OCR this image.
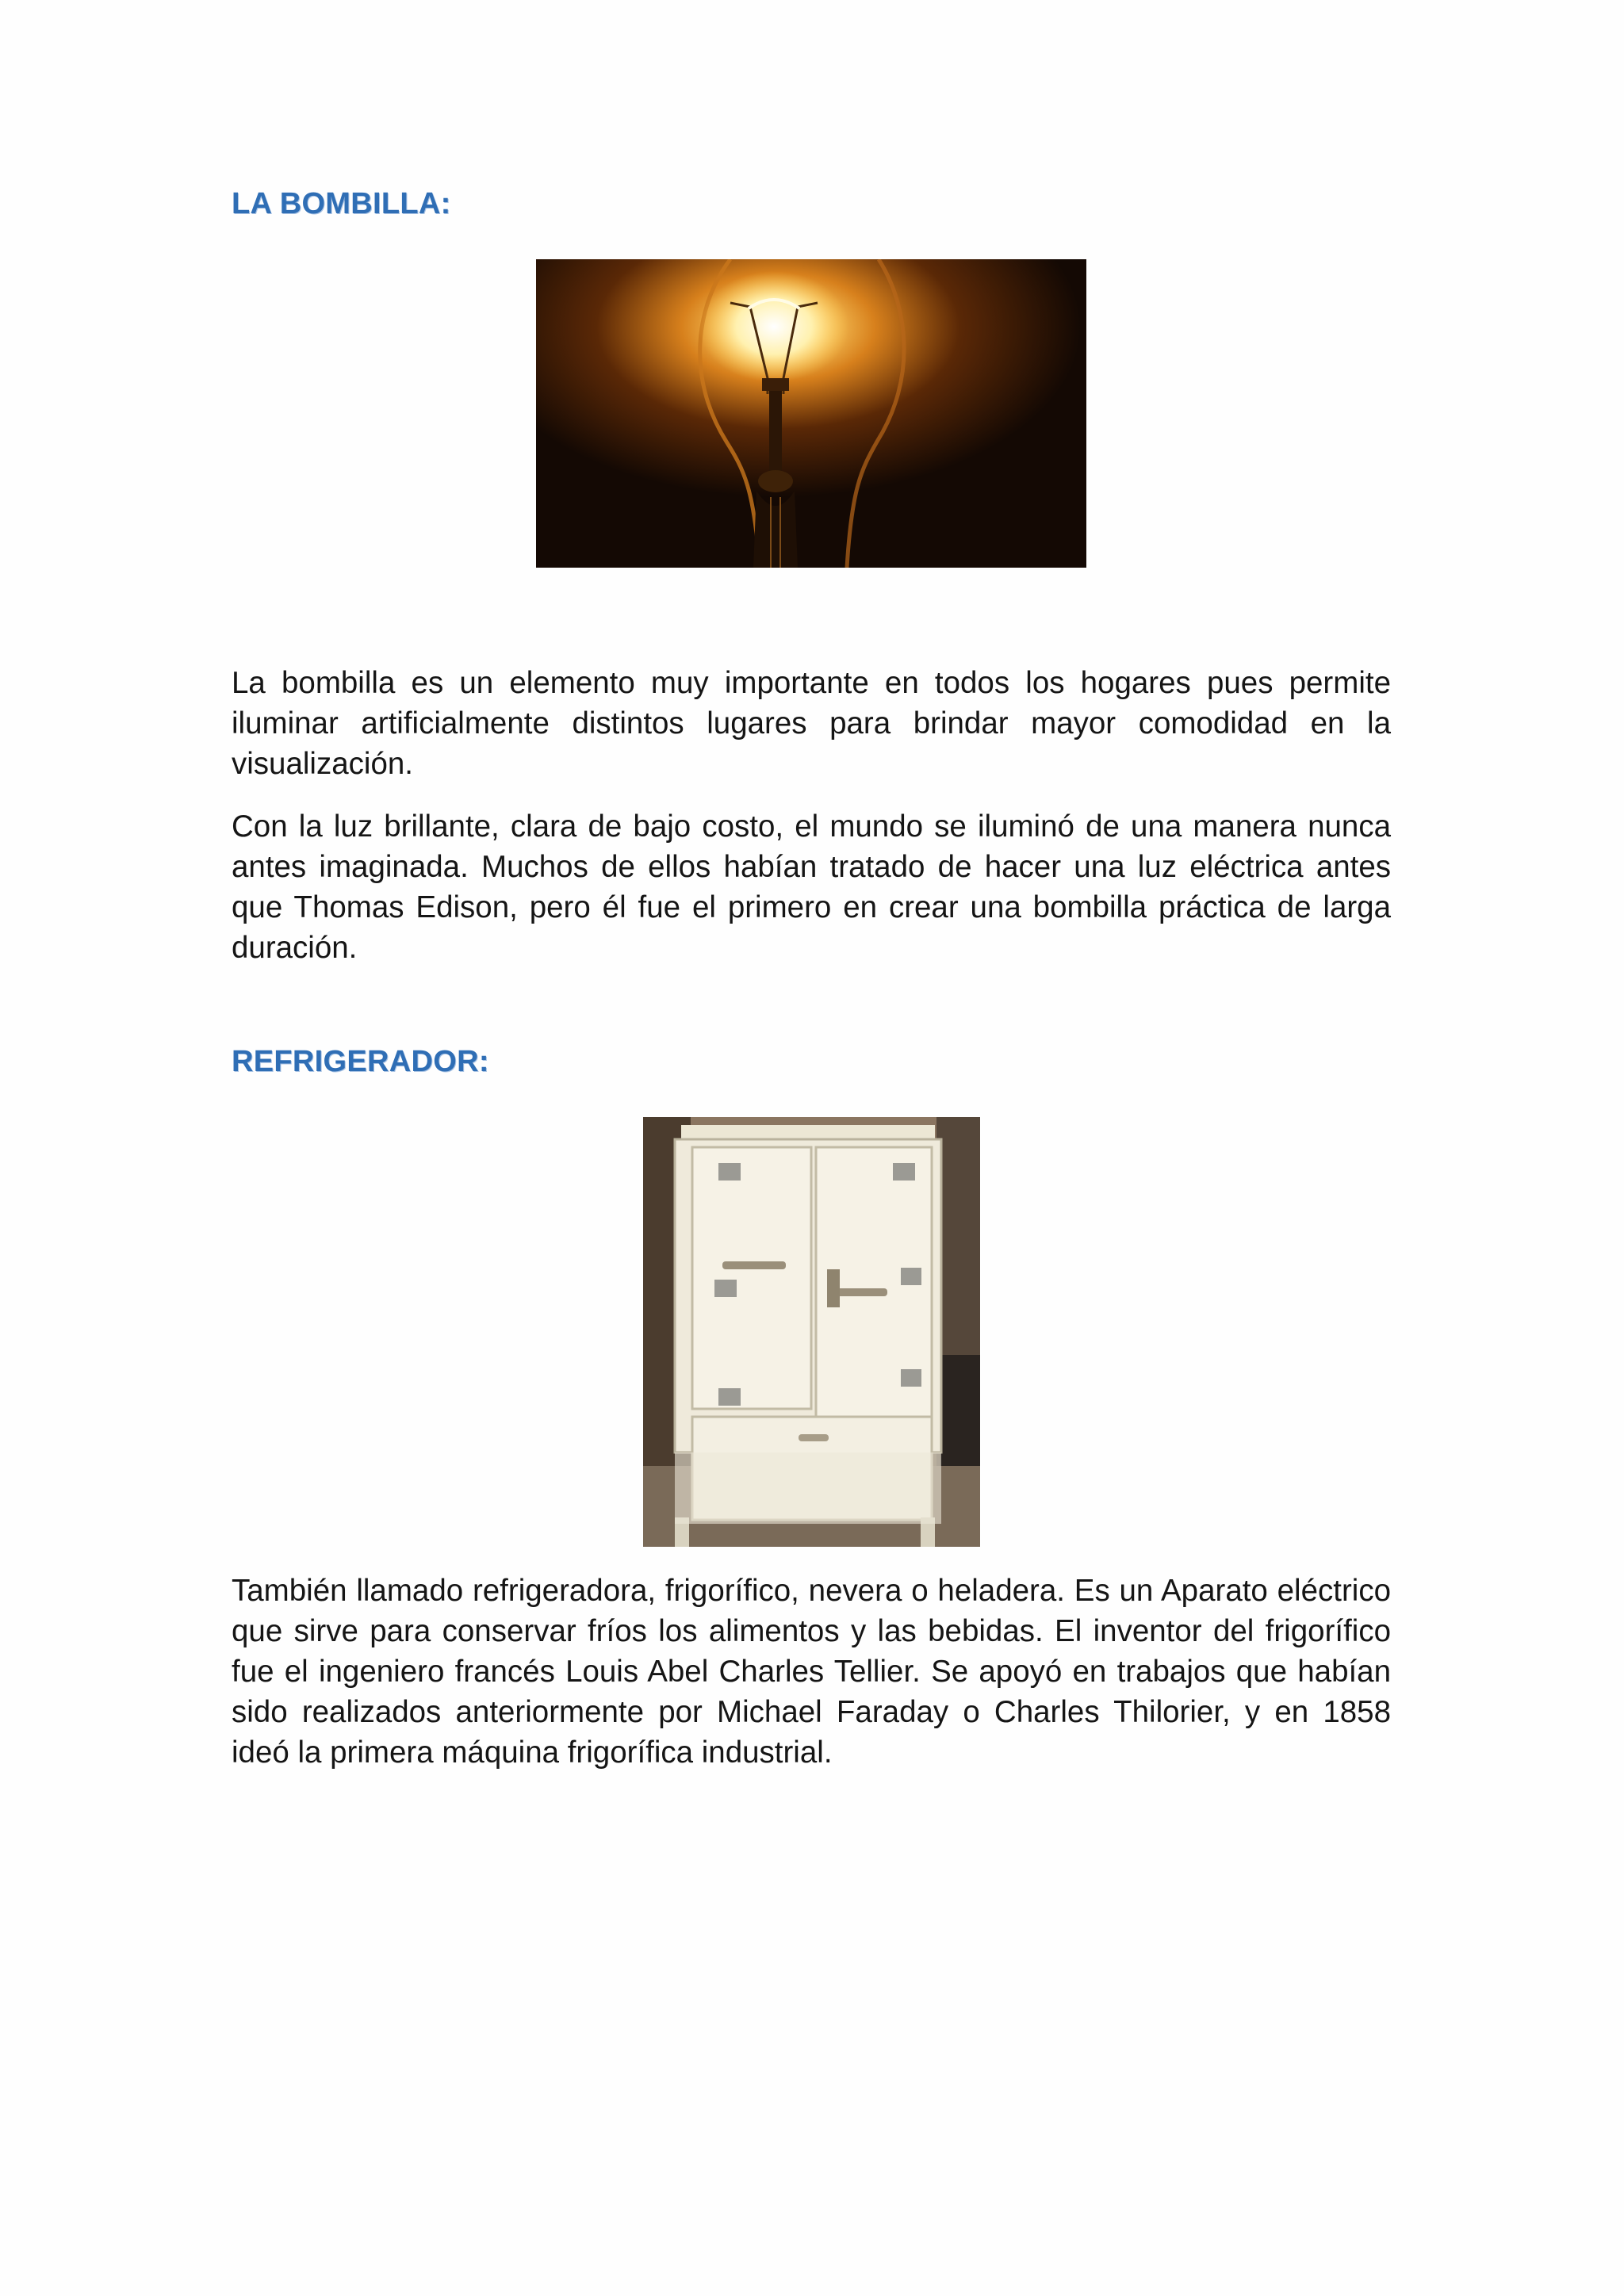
LA BOMBILLA:

La bombilla es un elemento muy importante en todos los hogares pues permite iluminar artificialmente distintos lugares para brindar mayor comodidad en la visualización.

Con la luz brillante, clara de bajo costo, el mundo se iluminó de una manera nunca antes imaginada. Muchos de ellos habían tratado de hacer una luz eléctrica antes que Thomas Edison, pero él fue el primero en crear una bombilla práctica de larga duración.

REFRIGERADOR:

También llamado refrigeradora, frigorífico, nevera o heladera. Es un Aparato eléctrico que sirve para conservar fríos los alimentos y las bebidas. El inventor del frigorífico fue el ingeniero francés Louis Abel Charles Tellier. Se apoyó en trabajos que habían sido realizados anteriormente por Michael Faraday o Charles Thilorier, y en 1858 ideó la primera máquina frigorífica industrial.
